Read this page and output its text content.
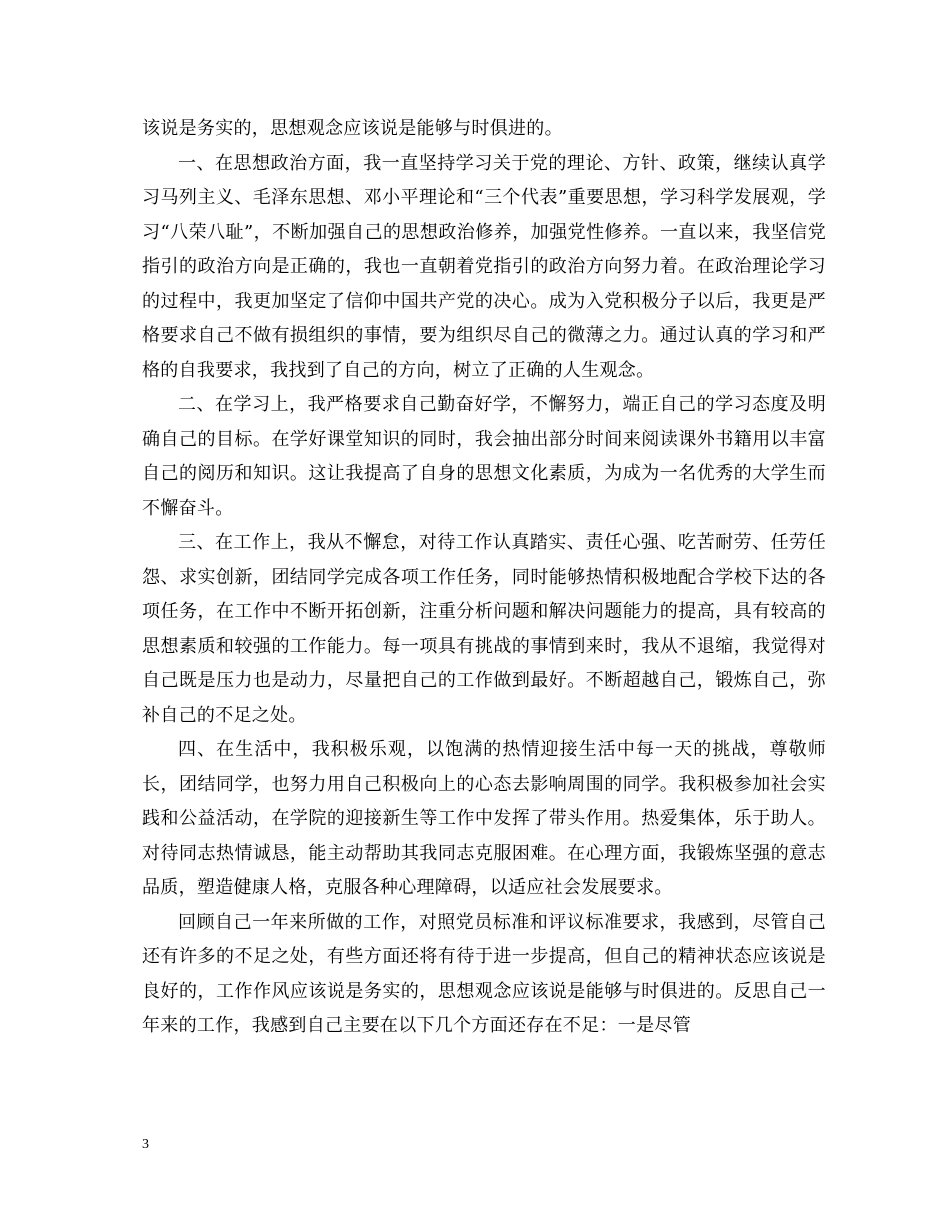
该说是务实的，思想观念应该说是能够与时俱进的。

一、在思想政治方面，我一直坚持学习关于党的理论、方针、政策，继续认真学习马列主义、毛泽东思想、邓小平理论和“三个代表”重要思想，学习科学发展观，学习“八荣八耻”，不断加强自己的思想政治修养，加强党性修养。一直以来，我坚信党指引的政治方向是正确的，我也一直朝着党指引的政治方向努力着。在政治理论学习的过程中，我更加坚定了信仰中国共产党的决心。成为入党积极分子以后，我更是严格要求自己不做有损组织的事情，要为组织尽自己的微薄之力。通过认真的学习和严格的自我要求，我找到了自己的方向，树立了正确的人生观念。

二、在学习上，我严格要求自己勤奋好学，不懈努力，端正自己的学习态度及明确自己的目标。在学好课堂知识的同时，我会抽出部分时间来阅读课外书籍用以丰富自己的阅历和知识。这让我提高了自身的思想文化素质，为成为一名优秀的大学生而不懈奋斗。

三、在工作上，我从不懈怠，对待工作认真踏实、责任心强、吃苦耐劳、任劳任怨、求实创新，团结同学完成各项工作任务，同时能够热情积极地配合学校下达的各项任务，在工作中不断开拓创新，注重分析问题和解决问题能力的提高，具有较高的思想素质和较强的工作能力。每一项具有挑战的事情到来时，我从不退缩，我觉得对自己既是压力也是动力，尽量把自己的工作做到最好。不断超越自己，锻炼自己，弥补自己的不足之处。

四、在生活中，我积极乐观，以饱满的热情迎接生活中每一天的挑战，尊敬师长，团结同学，也努力用自己积极向上的心态去影响周围的同学。我积极参加社会实践和公益活动，在学院的迎接新生等工作中发挥了带头作用。热爱集体，乐于助人。对待同志热情诚恳，能主动帮助其我同志克服困难。在心理方面，我锻炼坚强的意志品质，塑造健康人格，克服各种心理障碍，以适应社会发展要求。

回顾自己一年来所做的工作，对照党员标准和评议标准要求，我感到，尽管自己还有许多的不足之处，有些方面还将有待于进一步提高，但自己的精神状态应该说是良好的，工作作风应该说是务实的，思想观念应该说是能够与时俱进的。反思自己一年来的工作，我感到自己主要在以下几个方面还存在不足：一是尽管

3
